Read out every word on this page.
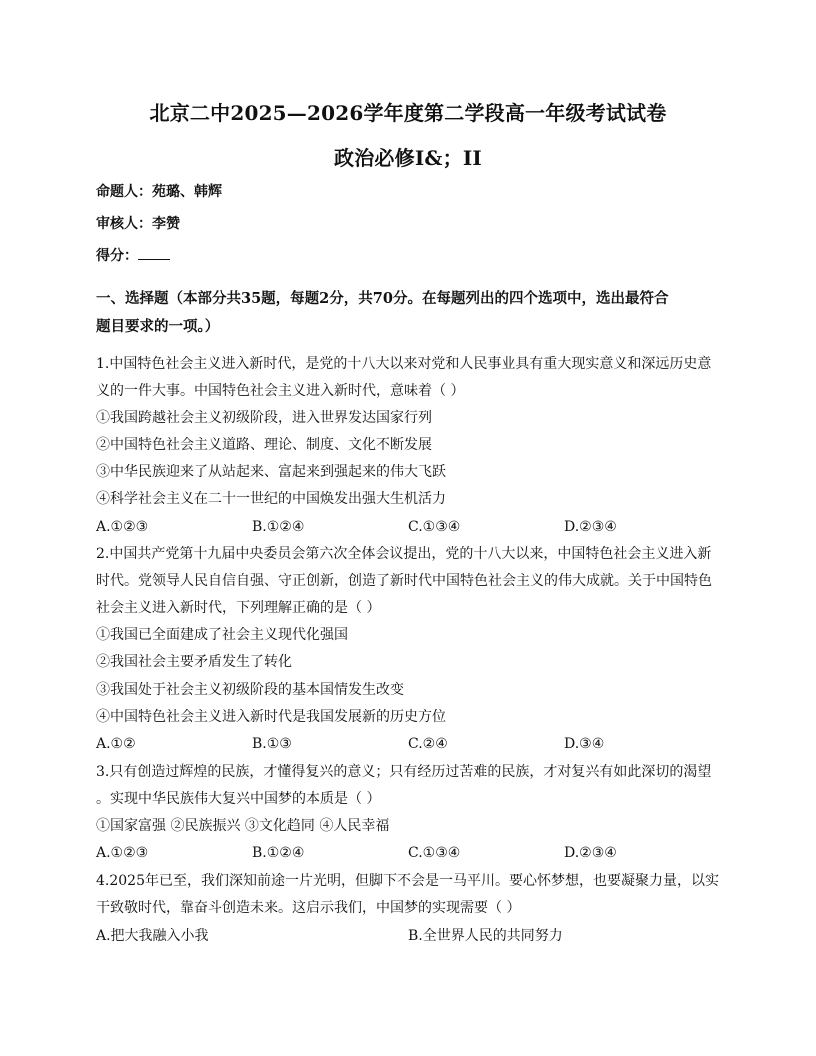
北京二中2025—2026学年度第二学段高一年级考试试卷
政治必修I&；II
命题人：苑璐、韩辉
审核人：李赞
得分：
一、选择题（本部分共35题，每题2分，共70分。在每题列出的四个选项中，选出最符合
题目要求的一项。）
1.中国特色社会主义进入新时代，是党的十八大以来对党和人民事业具有重大现实意义和深远历史意
义的一件大事。中国特色社会主义进入新时代，意味着（ ）
①我国跨越社会主义初级阶段，进入世界发达国家行列
②中国特色社会主义道路、理论、制度、文化不断发展
③中华民族迎来了从站起来、富起来到强起来的伟大飞跃
④科学社会主义在二十一世纪的中国焕发出强大生机活力
A.①②③	B.①②④	C.①③④	D.②③④
2.中国共产党第十九届中央委员会第六次全体会议提出，党的十八大以来，中国特色社会主义进入新
时代。党领导人民自信自强、守正创新，创造了新时代中国特色社会主义的伟大成就。关于中国特色
社会主义进入新时代，下列理解正确的是（ ）
①我国已全面建成了社会主义现代化强国
②我国社会主要矛盾发生了转化
③我国处于社会主义初级阶段的基本国情发生改变
④中国特色社会主义进入新时代是我国发展新的历史方位
A.①②	B.①③	C.②④	D.③④
3.只有创造过辉煌的民族，才懂得复兴的意义；只有经历过苦难的民族，才对复兴有如此深切的渴望
。实现中华民族伟大复兴中国梦的本质是（ ）
①国家富强 ②民族振兴 ③文化趋同 ④人民幸福
A.①②③	B.①②④	C.①③④	D.②③④
4.2025年已至，我们深知前途一片光明，但脚下不会是一马平川。要心怀梦想，也要凝聚力量，以实
干致敬时代，靠奋斗创造未来。这启示我们，中国梦的实现需要（ ）
A.把大我融入小我	B.全世界人民的共同努力
